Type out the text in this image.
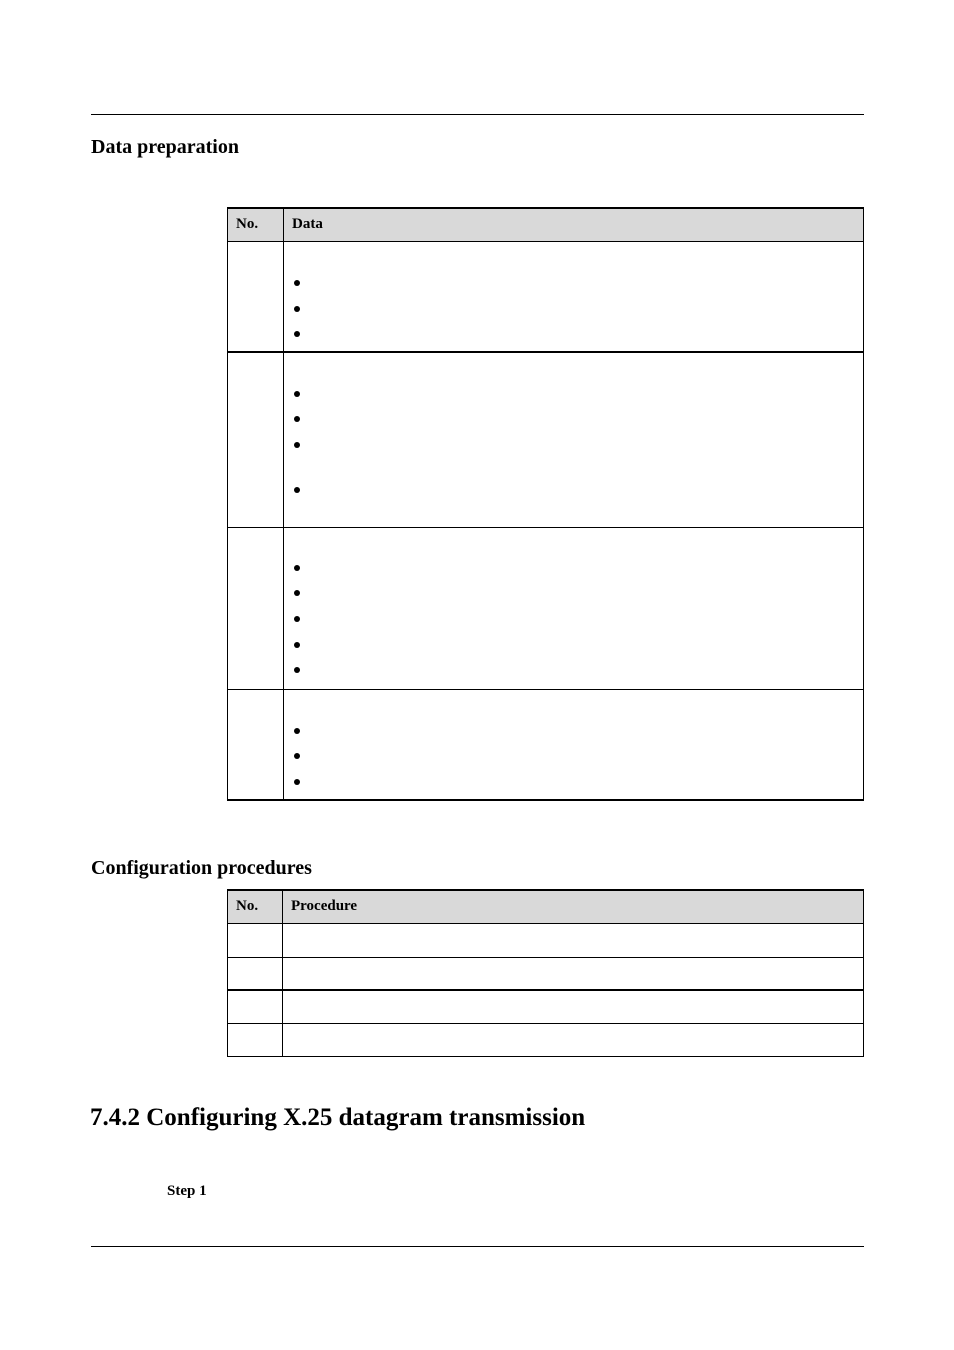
Data preparation
No.	Data

Configuration procedures
No.	Procedure

7.4.2 Configuring X.25 datagram transmission
Step 1
